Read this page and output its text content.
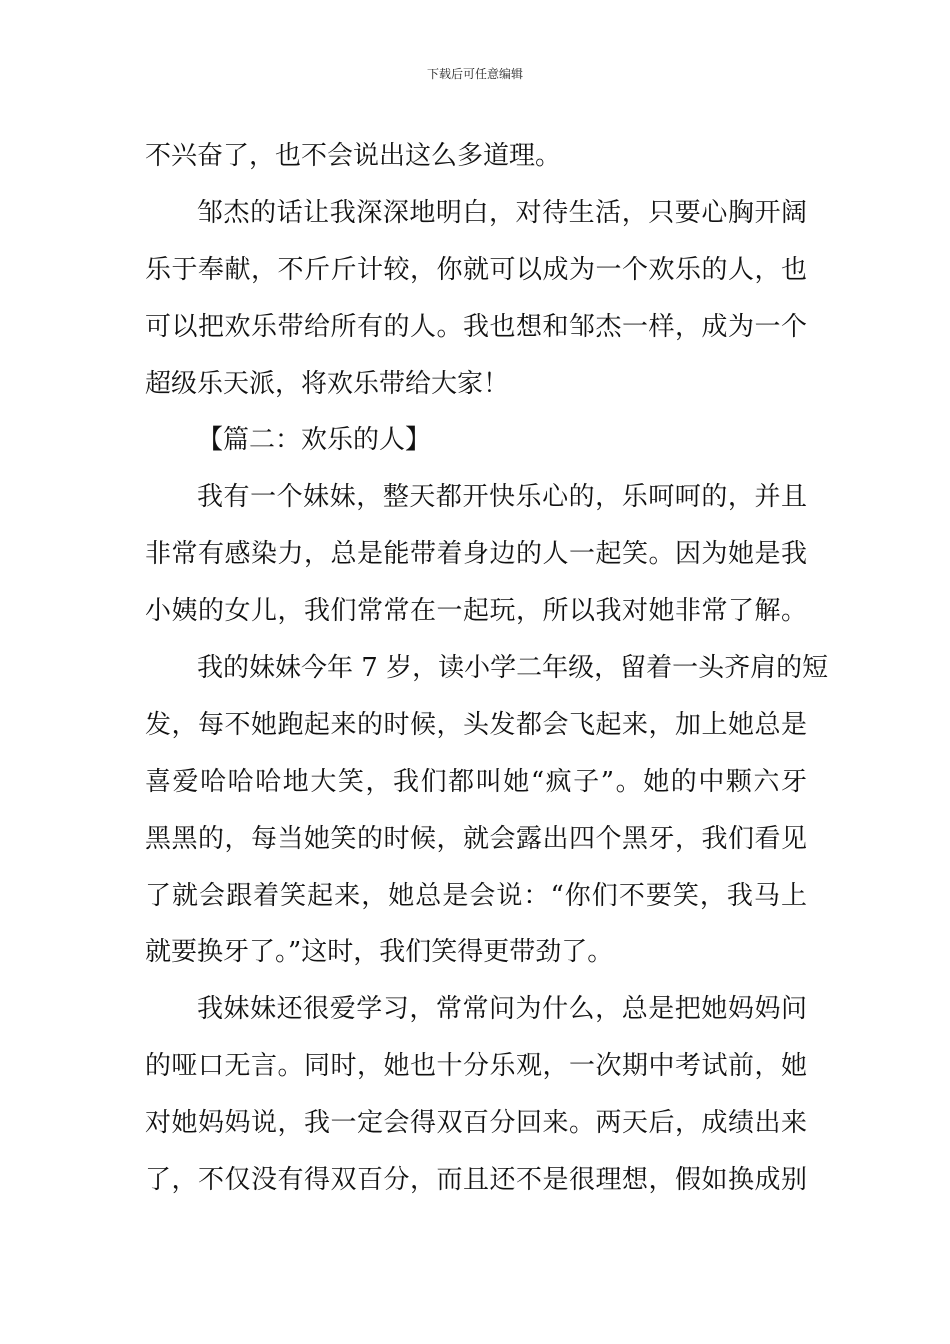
下载后可任意编辑
不兴奋了，也不会说出这么多道理。
邹杰的话让我深深地明白，对待生活，只要心胸开阔
乐于奉献，不斤斤计较，你就可以成为一个欢乐的人，也
可以把欢乐带给所有的人。我也想和邹杰一样，成为一个
超级乐天派，将欢乐带给大家！
【篇二：欢乐的人】
我有一个妹妹，整天都开快乐心的，乐呵呵的，并且
非常有感染力，总是能带着身边的人一起笑。因为她是我
小姨的女儿，我们常常在一起玩，所以我对她非常了解。
我的妹妹今年 7 岁，读小学二年级，留着一头齐肩的短
发，每不她跑起来的时候，头发都会飞起来，加上她总是
喜爱哈哈哈地大笑，我们都叫她“疯子”。她的中颗六牙
黑黑的，每当她笑的时候，就会露出四个黑牙，我们看见
了就会跟着笑起来，她总是会说：“你们不要笑，我马上
就要换牙了。”这时，我们笑得更带劲了。
我妹妹还很爱学习，常常问为什么，总是把她妈妈问
的哑口无言。同时，她也十分乐观，一次期中考试前，她
对她妈妈说，我一定会得双百分回来。两天后，成绩出来
了，不仅没有得双百分，而且还不是很理想，假如换成别
